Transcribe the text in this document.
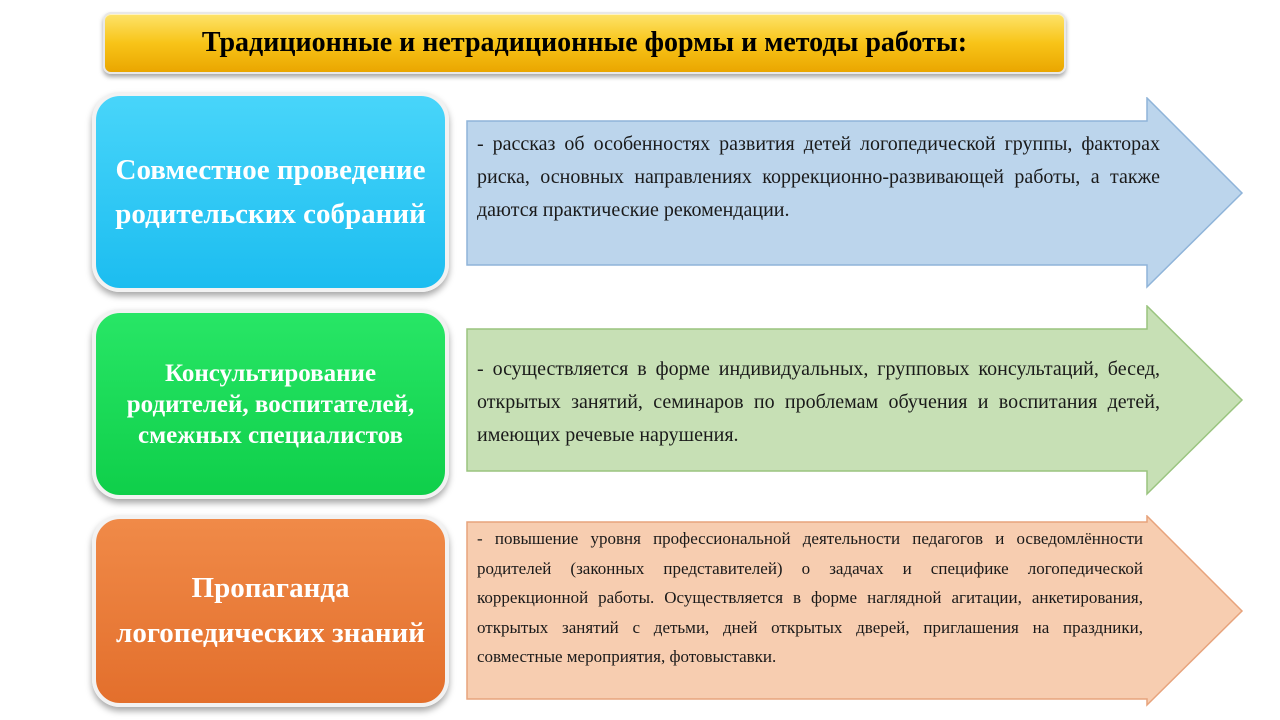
Традиционные и нетрадиционные формы и методы работы:
Совместное проведение родительских собраний
- рассказ об особенностях развития детей логопедической группы, факторах риска, основных направлениях коррекционно-развивающей работы, а также даются практические рекомендации.
Консультирование родителей, воспитателей, смежных специалистов
- осуществляется в форме индивидуальных, групповых консультаций, бесед, открытых занятий, семинаров по проблемам обучения и воспитания детей, имеющих речевые нарушения.
Пропаганда логопедических знаний
- повышение уровня профессиональной деятельности педагогов и осведомлённости родителей (законных представителей) о задачах и специфике логопедической коррекционной работы. Осуществляется в форме наглядной агитации, анкетирования, открытых занятий с детьми, дней открытых дверей, приглашения на праздники, совместные мероприятия, фотовыставки.
